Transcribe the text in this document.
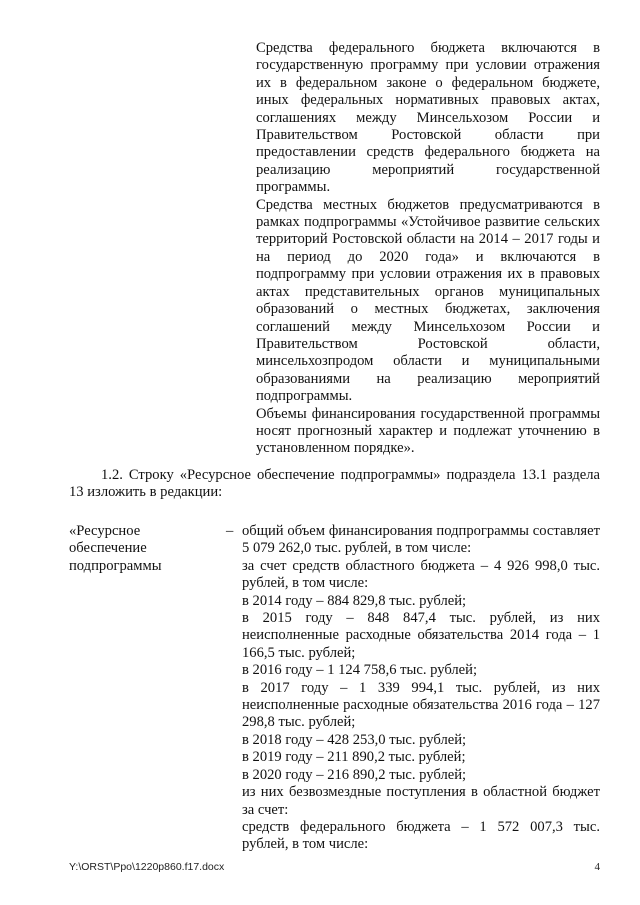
Средства федерального бюджета включаются в государственную программу при условии отражения их в федеральном законе о федеральном бюджете, иных федеральных нормативных правовых актах, соглашениях между Минсельхозом России и Правительством Ростовской области при предоставлении средств федерального бюджета на реализацию мероприятий государственной программы.

Средства местных бюджетов предусматриваются в рамках подпрограммы «Устойчивое развитие сельских территорий Ростовской области на 2014 – 2017 годы и на период до 2020 года» и включаются в подпрограмму при условии отражения их в правовых актах представительных органов муниципальных образований о местных бюджетах, заключения соглашений между Минсельхозом России и Правительством Ростовской области, минсельхозпродом области и муниципальными образованиями на реализацию мероприятий подпрограммы.

Объемы финансирования государственной программы носят прогнозный характер и подлежат уточнению в установленном порядке».

1.2. Строку «Ресурсное обеспечение подпрограммы» подраздела 13.1 раздела 13 изложить в редакции:

«Ресурсное
обеспечение
подпрограммы
– общий объем финансирования подпрограммы составляет 5 079 262,0 тыс. рублей, в том числе:
за счет средств областного бюджета – 4 926 998,0 тыс. рублей, в том числе:
в 2014 году – 884 829,8 тыс. рублей;
в 2015 году – 848 847,4 тыс. рублей, из них неисполненные расходные обязательства 2014 года – 1 166,5 тыс. рублей;
в 2016 году – 1 124 758,6 тыс. рублей;
в 2017 году – 1 339 994,1 тыс. рублей, из них неисполненные расходные обязательства 2016 года – 127 298,8 тыс. рублей;
в 2018 году – 428 253,0 тыс. рублей;
в 2019 году – 211 890,2 тыс. рублей;
в 2020 году – 216 890,2 тыс. рублей;
из них безвозмездные поступления в областной бюджет за счет:
средств федерального бюджета – 1 572 007,3 тыс. рублей, в том числе:
Y:\ORST\Ppo\1220p860.f17.docx	4
